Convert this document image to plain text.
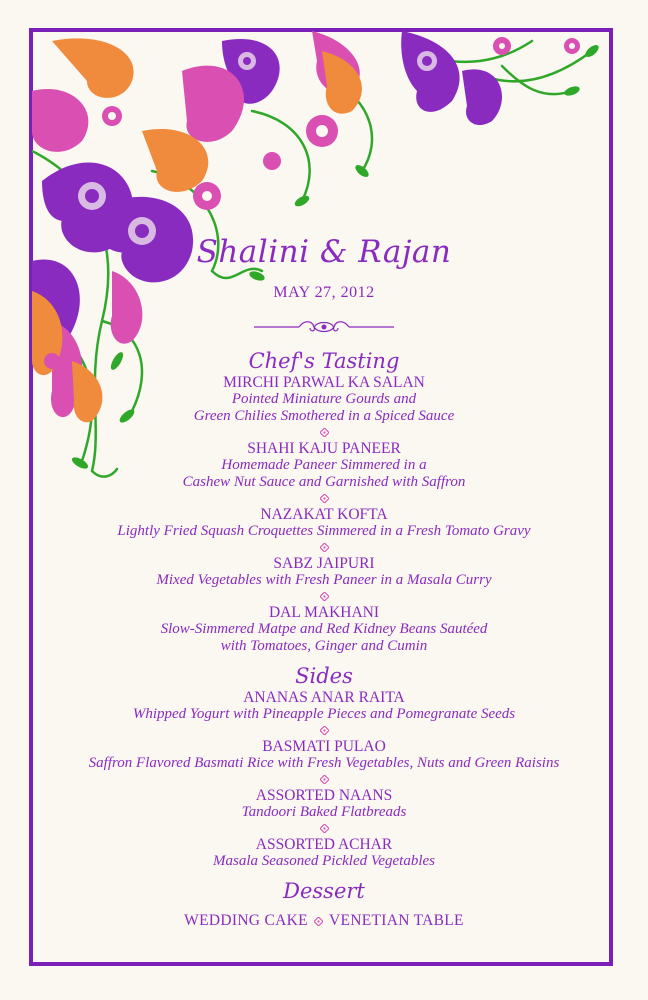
Shalini & Rajan
MAY 27, 2012
Chef's Tasting
MIRCHI PARWAL KA SALAN
Pointed Miniature Gourds and
Green Chilies Smothered in a Spiced Sauce
SHAHI KAJU PANEER
Homemade Paneer Simmered in a
Cashew Nut Sauce and Garnished with Saffron
NAZAKAT KOFTA
Lightly Fried Squash Croquettes Simmered in a Fresh Tomato Gravy
SABZ JAIPURI
Mixed Vegetables with Fresh Paneer in a Masala Curry
DAL MAKHANI
Slow-Simmered Matpe and Red Kidney Beans Sautéed
with Tomatoes, Ginger and Cumin
Sides
ANANAS ANAR RAITA
Whipped Yogurt with Pineapple Pieces and Pomegranate Seeds
BASMATI PULAO
Saffron Flavored Basmati Rice with Fresh Vegetables, Nuts and Green Raisins
ASSORTED NAANS
Tandoori Baked Flatbreads
ASSORTED ACHAR
Masala Seasoned Pickled Vegetables
Dessert
WEDDING CAKE VENETIAN TABLE
